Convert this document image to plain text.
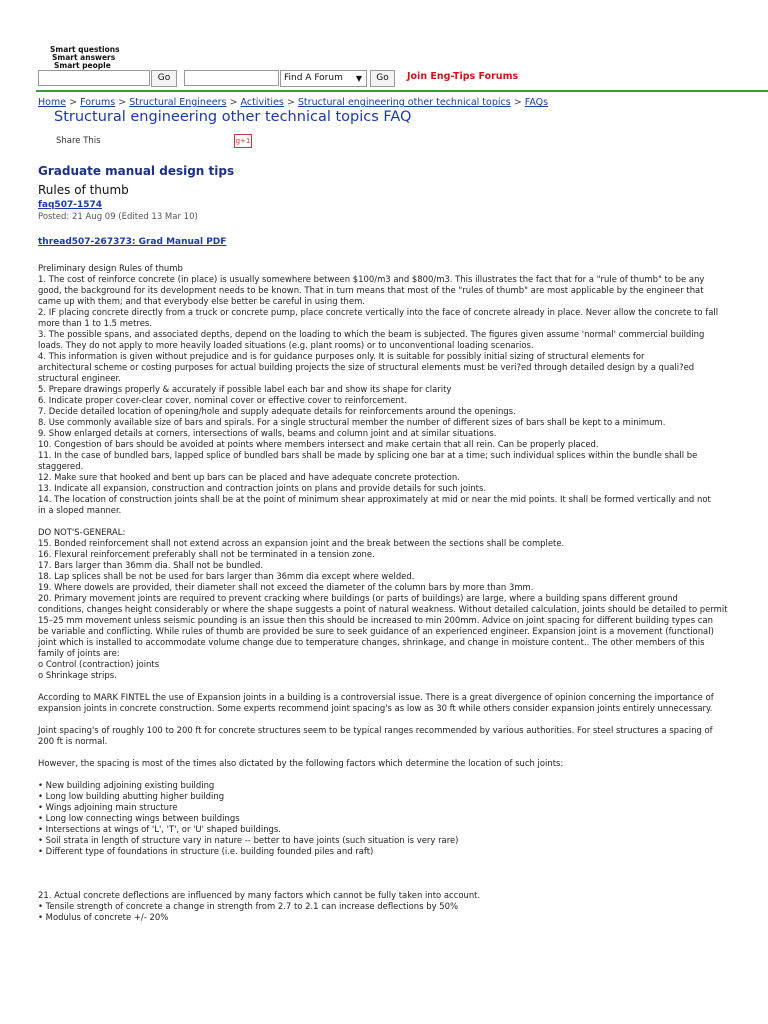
Smart questions
Smart answers
Smart people
Go	Find A Forum ▼	Go	Join Eng-Tips Forums
Home > Forums > Structural Engineers > Activities > Structural engineering other technical topics > FAQs
Structural engineering other technical topics FAQ
Share This	g+1
Graduate manual design tips
Rules of thumb
faq507-1574
Posted: 21 Aug 09 (Edited 13 Mar 10)
thread507-267373: Grad Manual PDF
Preliminary design Rules of thumb
1. The cost of reinforce concrete (in place) is usually somewhere between $100/m3 and $800/m3. This illustrates the fact that for a "rule of thumb" to be any
good, the background for its development needs to be known. That in turn means that most of the "rules of thumb" are most applicable by the engineer that
came up with them; and that everybody else better be careful in using them.
2. IF placing concrete directly from a truck or concrete pump, place concrete vertically into the face of concrete already in place. Never allow the concrete to fall
more than 1 to 1.5 metres.
3. The possible spans, and associated depths, depend on the loading to which the beam is subjected. The figures given assume 'normal' commercial building
loads. They do not apply to more heavily loaded situations (e.g. plant rooms) or to unconventional loading scenarios.
4. This information is given without prejudice and is for guidance purposes only. It is suitable for possibly initial sizing of structural elements for
architectural scheme or costing purposes for actual building projects the size of structural elements must be veri?ed through detailed design by a quali?ed
structural engineer.
5. Prepare drawings properly & accurately if possible label each bar and show its shape for clarity
6. Indicate proper cover-clear cover, nominal cover or effective cover to reinforcement.
7. Decide detailed location of opening/hole and supply adequate details for reinforcements around the openings.
8. Use commonly available size of bars and spirals. For a single structural member the number of different sizes of bars shall be kept to a minimum.
9. Show enlarged details at corners, intersections of walls, beams and column joint and at similar situations.
10. Congestion of bars should be avoided at points where members intersect and make certain that all rein. Can be properly placed.
11. In the case of bundled bars, lapped splice of bundled bars shall be made by splicing one bar at a time; such individual splices within the bundle shall be
staggered.
12. Make sure that hooked and bent up bars can be placed and have adequate concrete protection.
13. Indicate all expansion, construction and contraction joints on plans and provide details for such joints.
14. The location of construction joints shall be at the point of minimum shear approximately at mid or near the mid points. It shall be formed vertically and not
in a sloped manner.
DO NOT'S-GENERAL:
15. Bonded reinforcement shall not extend across an expansion joint and the break between the sections shall be complete.
16. Flexural reinforcement preferably shall not be terminated in a tension zone.
17. Bars larger than 36mm dia. Shall not be bundled.
18. Lap splices shall be not be used for bars larger than 36mm dia except where welded.
19. Where dowels are provided, their diameter shall not exceed the diameter of the column bars by more than 3mm.
20. Primary movement joints are required to prevent cracking where buildings (or parts of buildings) are large, where a building spans different ground
conditions, changes height considerably or where the shape suggests a point of natural weakness. Without detailed calculation, joints should be detailed to permit
15–25 mm movement unless seismic pounding is an issue then this should be increased to min 200mm. Advice on joint spacing for different building types can
be variable and conflicting. While rules of thumb are provided be sure to seek guidance of an experienced engineer. Expansion joint is a movement (functional)
joint which is installed to accommodate volume change due to temperature changes, shrinkage, and change in moisture content.. The other members of this
family of joints are:
o Control (contraction) joints
o Shrinkage strips.
According to MARK FINTEL the use of Expansion joints in a building is a controversial issue. There is a great divergence of opinion concerning the importance of
expansion joints in concrete construction. Some experts recommend joint spacing's as low as 30 ft while others consider expansion joints entirely unnecessary.
Joint spacing's of roughly 100 to 200 ft for concrete structures seem to be typical ranges recommended by various authorities. For steel structures a spacing of
200 ft is normal.
However, the spacing is most of the times also dictated by the following factors which determine the location of such joints:
• New building adjoining existing building
• Long low building abutting higher building
• Wings adjoining main structure
• Long low connecting wings between buildings
• Intersections at wings of 'L', 'T', or 'U' shaped buildings.
• Soil strata in length of structure vary in nature -- better to have joints (such situation is very rare)
• Different type of foundations in structure (i.e. building founded piles and raft)
21. Actual concrete deflections are influenced by many factors which cannot be fully taken into account.
• Tensile strength of concrete a change in strength from 2.7 to 2.1 can increase deflections by 50%
• Modulus of concrete +/- 20%
